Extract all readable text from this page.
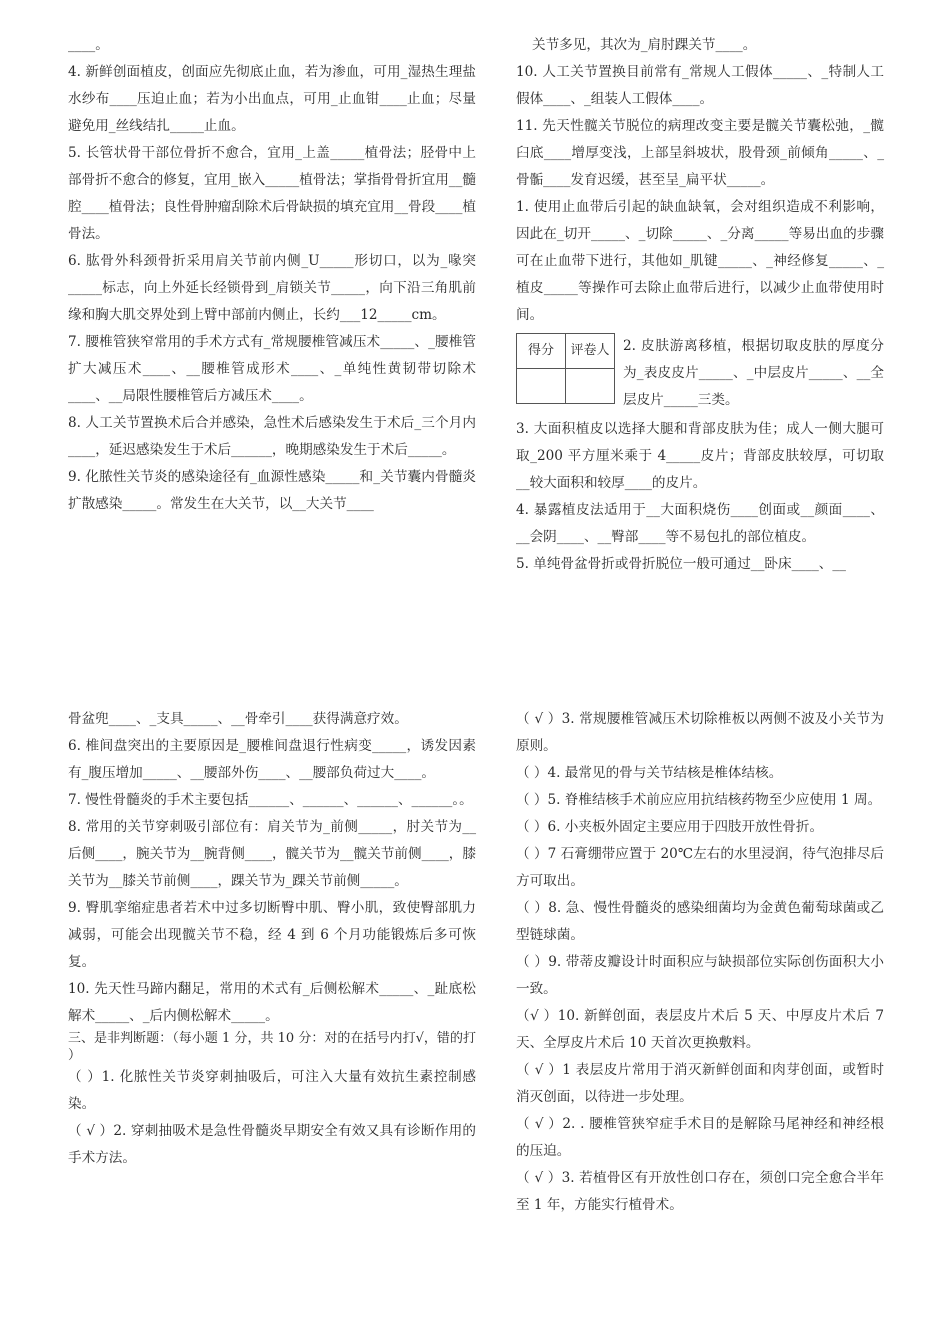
____。

4. 新鲜创面植皮，创面应先彻底止血，若为渗血，可用_湿热生理盐水纱布____压迫止血；若为小出血点，可用_止血钳____止血；尽量避免用_丝线结扎_____止血。

5. 长管状骨干部位骨折不愈合，宜用_上盖_____植骨法；胫骨中上部骨折不愈合的修复，宜用_嵌入_____植骨法；掌指骨骨折宜用__髓腔____植骨法；良性骨肿瘤刮除术后骨缺损的填充宜用__骨段____植骨法。

6. 肱骨外科颈骨折采用肩关节前内侧_U_____形切口，以为_喙突_____标志，向上外延长经锁骨到_肩锁关节_____，向下沿三角肌前缘和胸大肌交界处到上臂中部前内侧止，长约___12_____cm。

7. 腰椎管狭窄常用的手术方式有_常规腰椎管减压术_____、_腰椎管扩大减压术____、__腰椎管成形术____、_单纯性黄韧带切除术____、__局限性腰椎管后方减压术____。

8. 人工关节置换术后合并感染，急性术后感染发生于术后_三个月内____，延迟感染发生于术后______，晚期感染发生于术后_____。

9. 化脓性关节炎的感染途径有_血源性感染_____和_关节囊内骨髓炎扩散感染_____。常发生在大关节，以__大关节____

关节多见，其次为_肩肘踝关节____。

10. 人工关节置换目前常有_常规人工假体_____、_特制人工假体____、_组装人工假体____。

11. 先天性髋关节脱位的病理改变主要是髋关节囊松弛，_髋臼底____增厚变浅，上部呈斜坡状，股骨颈_前倾角_____、_骨骺____发育迟缓，甚至呈_扁平状_____。

1. 使用止血带后引起的缺血缺氧，会对组织造成不利影响，因此在_切开_____、_切除_____、_分离_____等易出血的步骤可在止血带下进行，其他如_肌键_____、_神经修复_____、_植皮_____等操作可去除止血带后进行，以减少止血带使用时间。

得分	评卷人
	2. 皮肤游离移植，根据切取皮肤的厚度分为_表皮皮片_____、_中层皮片_____、__全层皮片_____三类。

3. 大面积植皮以选择大腿和背部皮肤为佳；成人一侧大腿可取_200 平方厘米乘于 4_____皮片；背部皮肤较厚，可切取__较大面积和较厚____的皮片。

4. 暴露植皮法适用于__大面积烧伤____创面或__颜面____、__会阴____、__臀部____等不易包扎的部位植皮。

5. 单纯骨盆骨折或骨折脱位一般可通过__卧床____、__

骨盆兜____、_支具_____、__骨牵引____获得满意疗效。

6. 椎间盘突出的主要原因是_腰椎间盘退行性病变_____，诱发因素有_腹压增加_____、__腰部外伤____、__腰部负荷过大____。

7. 慢性骨髓炎的手术主要包括______、______、______、______。。

8. 常用的关节穿刺吸引部位有：肩关节为_前侧_____，肘关节为__后侧____，腕关节为__腕背侧____，髋关节为__髋关节前侧____，膝关节为__膝关节前侧____，踝关节为_踝关节前侧_____。

9. 臀肌挛缩症患者若术中过多切断臀中肌、臀小肌，致使臀部肌力减弱，可能会出现髋关节不稳，经 4 到 6 个月功能锻炼后多可恢复。

10. 先天性马蹄内翻足，常用的术式有_后侧松解术_____、_趾底松解术_____、_后内侧松解术_____。

三、是非判断题：（每小题 1 分，共 10 分：对的在括号内打√，错的打 ）

（ ）1. 化脓性关节炎穿刺抽吸后，可注入大量有效抗生素控制感染。

（ √ ）2. 穿刺抽吸术是急性骨髓炎早期安全有效又具有诊断作用的手术方法。

（ √ ）3. 常规腰椎管减压术切除椎板以两侧不波及小关节为原则。

（ ）4. 最常见的骨与关节结核是椎体结核。

（ ）5. 脊椎结核手术前应应用抗结核药物至少应使用 1 周。

（ ）6. 小夹板外固定主要应用于四肢开放性骨折。

（ ）7 石膏绷带应置于 20℃左右的水里浸润，待气泡排尽后方可取出。

（ ）8. 急、慢性骨髓炎的感染细菌均为金黄色葡萄球菌或乙型链球菌。

（ ）9. 带蒂皮瓣设计时面积应与缺损部位实际创伤面积大小一致。

（√ ）10. 新鲜创面，表层皮片术后 5 天、中厚皮片术后 7 天、全厚皮片术后 10 天首次更换敷料。

（ √ ）1 表层皮片常用于消灭新鲜创面和肉芽创面，或暂时消灭创面，以待进一步处理。

（ √ ）2. . 腰椎管狭窄症手术目的是解除马尾神经和神经根的压迫。

（ √ ）3. 若植骨区有开放性创口存在，须创口完全愈合半年至 1 年，方能实行植骨术。
